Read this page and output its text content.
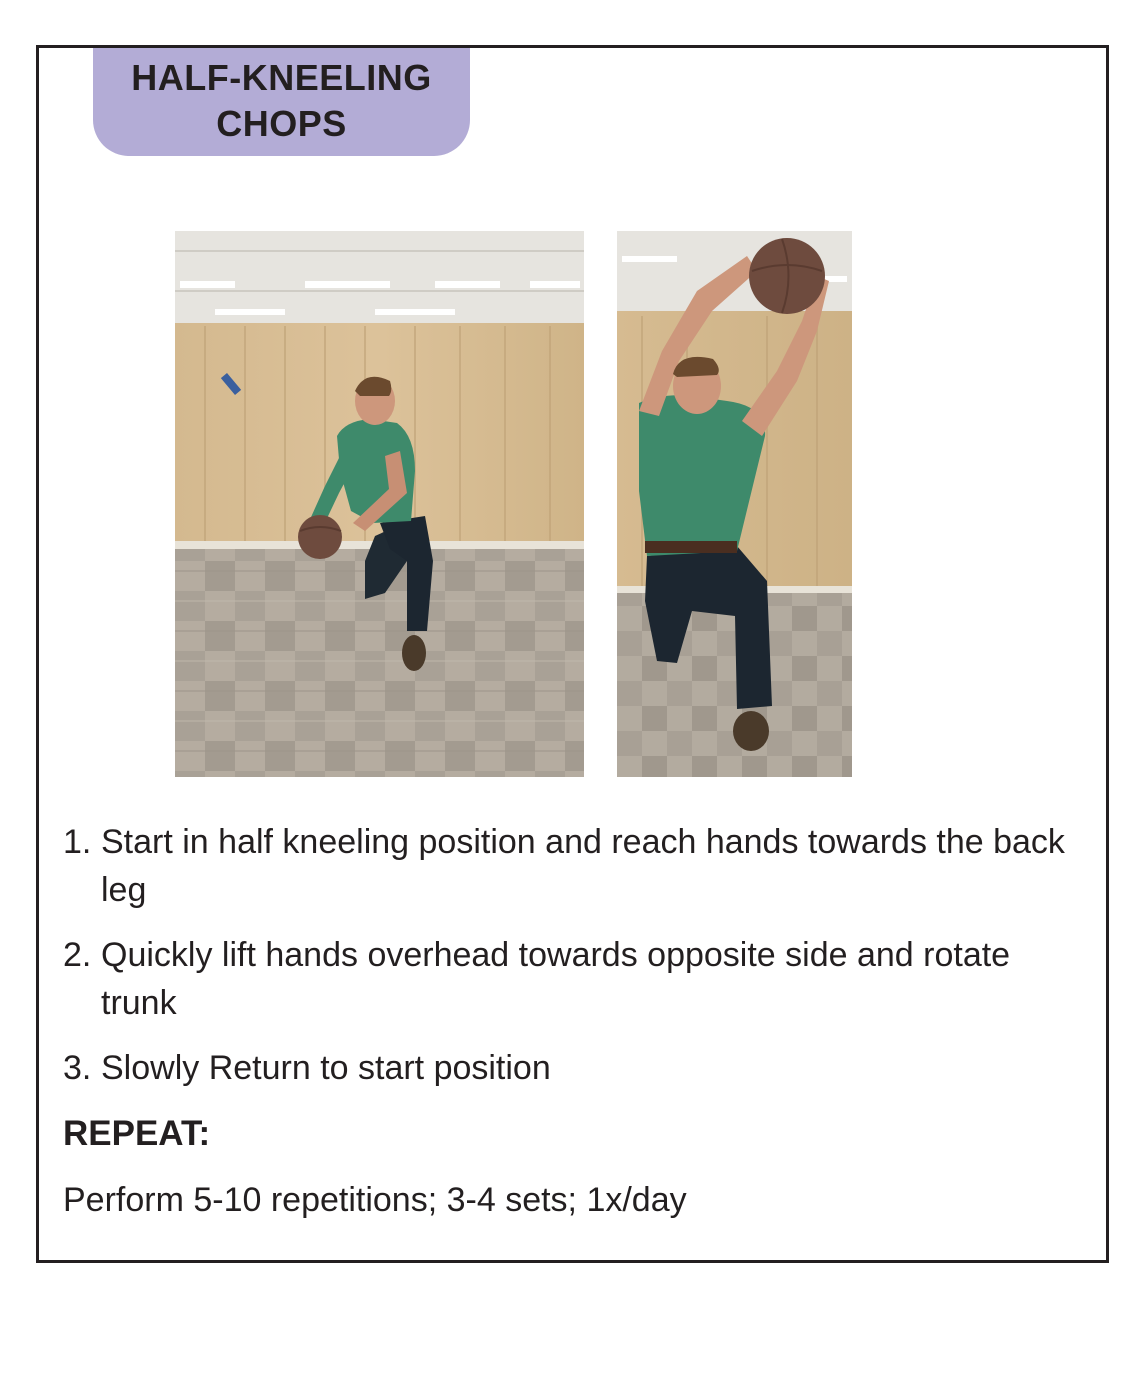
HALF-KNEELING
CHOPS
1. Start in half kneeling position and reach hands towards the back leg
2. Quickly lift hands overhead towards opposite side and rotate trunk
3. Slowly Return to start position
REPEAT:
Perform 5-10 repetitions; 3-4 sets; 1x/day
